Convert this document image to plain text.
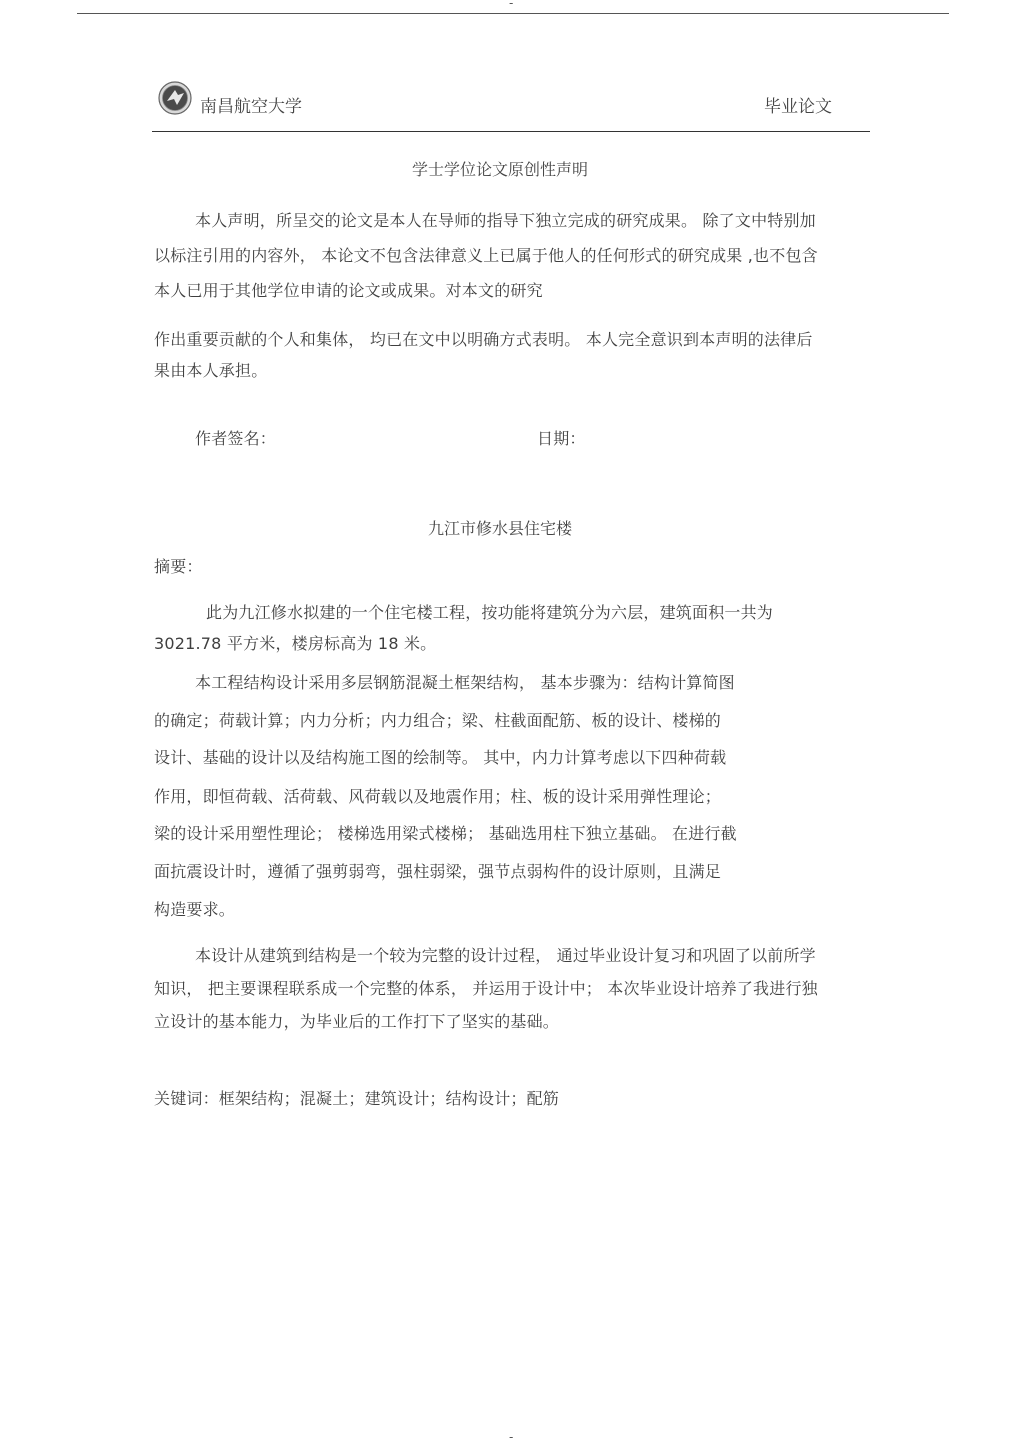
-
南昌航空大学	毕业论文
学士学位论文原创性声明
本人声明，所呈交的论文是本人在导师的指导下独立完成的研究成果。 除了文中特别加
以标注引用的内容外， 本论文不包含法律意义上已属于他人的任何形式的研究成果 ,也不包含
本人已用于其他学位申请的论文或成果。对本文的研究
作出重要贡献的个人和集体， 均已在文中以明确方式表明。 本人完全意识到本声明的法律后
果由本人承担。
作者签名：	日期：
九江市修水县住宅楼
摘要：
此为九江修水拟建的一个住宅楼工程，按功能将建筑分为六层，建筑面积一共为
3021.78 平方米，楼房标高为 18 米。
本工程结构设计采用多层钢筋混凝土框架结构， 基本步骤为：结构计算简图
的确定；荷载计算；内力分析；内力组合；梁、柱截面配筋、板的设计、楼梯的
设计、基础的设计以及结构施工图的绘制等。 其中，内力计算考虑以下四种荷载
作用，即恒荷载、活荷载、风荷载以及地震作用；柱、板的设计采用弹性理论；
梁的设计采用塑性理论； 楼梯选用梁式楼梯； 基础选用柱下独立基础。 在进行截
面抗震设计时，遵循了强剪弱弯，强柱弱梁，强节点弱构件的设计原则，且满足
构造要求。
本设计从建筑到结构是一个较为完整的设计过程， 通过毕业设计复习和巩固了以前所学
知识， 把主要课程联系成一个完整的体系， 并运用于设计中； 本次毕业设计培养了我进行独
立设计的基本能力，为毕业后的工作打下了坚实的基础。
关键词：框架结构；混凝土；建筑设计；结构设计；配筋
-
